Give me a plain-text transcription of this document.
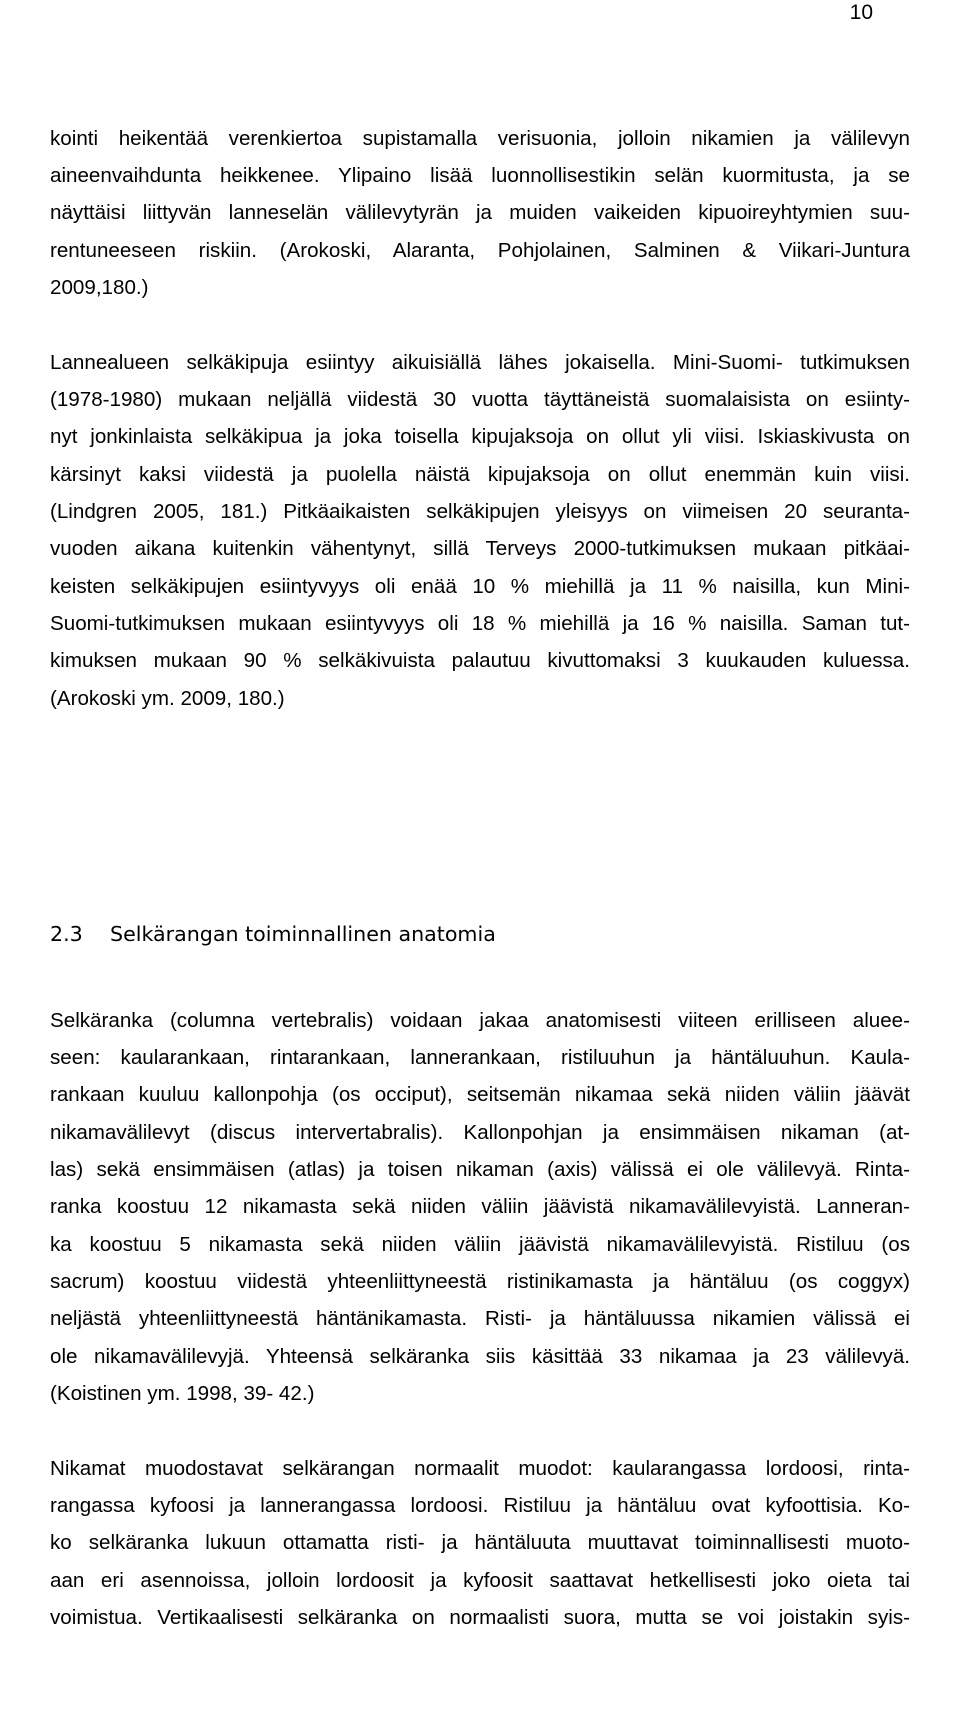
10
kointi heikentää verenkiertoa supistamalla verisuonia, jolloin nikamien ja välilevyn
aineenvaihdunta heikkenee. Ylipaino lisää luonnollisestikin selän kuormitusta, ja se
näyttäisi liittyvän lanneselän välilevytyrän ja muiden vaikeiden kipuoireyhtymien suu-
rentuneeseen riskiin. (Arokoski, Alaranta, Pohjolainen, Salminen & Viikari-Juntura
2009,180.)
Lannealueen selkäkipuja esiintyy aikuisiällä lähes jokaisella. Mini-Suomi- tutkimuksen
(1978-1980) mukaan neljällä viidestä 30 vuotta täyttäneistä suomalaisista on esiinty-
nyt jonkinlaista selkäkipua ja joka toisella kipujaksoja on ollut yli viisi. Iskiaskivusta on
kärsinyt kaksi viidestä ja puolella näistä kipujaksoja on ollut enemmän kuin viisi.
(Lindgren 2005, 181.) Pitkäaikaisten selkäkipujen yleisyys on viimeisen 20 seuranta-
vuoden aikana kuitenkin vähentynyt, sillä Terveys 2000-tutkimuksen mukaan pitkäai-
keisten selkäkipujen esiintyvyys oli enää 10 % miehillä ja 11 % naisilla, kun Mini-
Suomi-tutkimuksen mukaan esiintyvyys oli 18 % miehillä ja 16 % naisilla. Saman tut-
kimuksen mukaan 90 % selkäkivuista palautuu kivuttomaksi 3 kuukauden kuluessa.
(Arokoski ym. 2009, 180.)
2.3 Selkärangan toiminnallinen anatomia
Selkäranka (columna vertebralis) voidaan jakaa anatomisesti viiteen erilliseen aluee-
seen: kaularankaan, rintarankaan, lannerankaan, ristiluuhun ja häntäluuhun. Kaula-
rankaan kuuluu kallonpohja (os occiput), seitsemän nikamaa sekä niiden väliin jäävät
nikamavälilevyt (discus intervertabralis). Kallonpohjan ja ensimmäisen nikaman (at-
las) sekä ensimmäisen (atlas) ja toisen nikaman (axis) välissä ei ole välilevyä. Rinta-
ranka koostuu 12 nikamasta sekä niiden väliin jäävistä nikamavälilevyistä. Lanneran-
ka koostuu 5 nikamasta sekä niiden väliin jäävistä nikamavälilevyistä. Ristiluu (os
sacrum) koostuu viidestä yhteenliittyneestä ristinikamasta ja häntäluu (os coggyx)
neljästä yhteenliittyneestä häntänikamasta. Risti- ja häntäluussa nikamien välissä ei
ole nikamavälilevyjä. Yhteensä selkäranka siis käsittää 33 nikamaa ja 23 välilevyä.
(Koistinen ym. 1998, 39- 42.)
Nikamat muodostavat selkärangan normaalit muodot: kaularangassa lordoosi, rinta-
rangassa kyfoosi ja lannerangassa lordoosi. Ristiluu ja häntäluu ovat kyfoottisia. Ko-
ko selkäranka lukuun ottamatta risti- ja häntäluuta muuttavat toiminnallisesti muoto-
aan eri asennoissa, jolloin lordoosit ja kyfoosit saattavat hetkellisesti joko oieta tai
voimistua. Vertikaalisesti selkäranka on normaalisti suora, mutta se voi joistakin syis-
